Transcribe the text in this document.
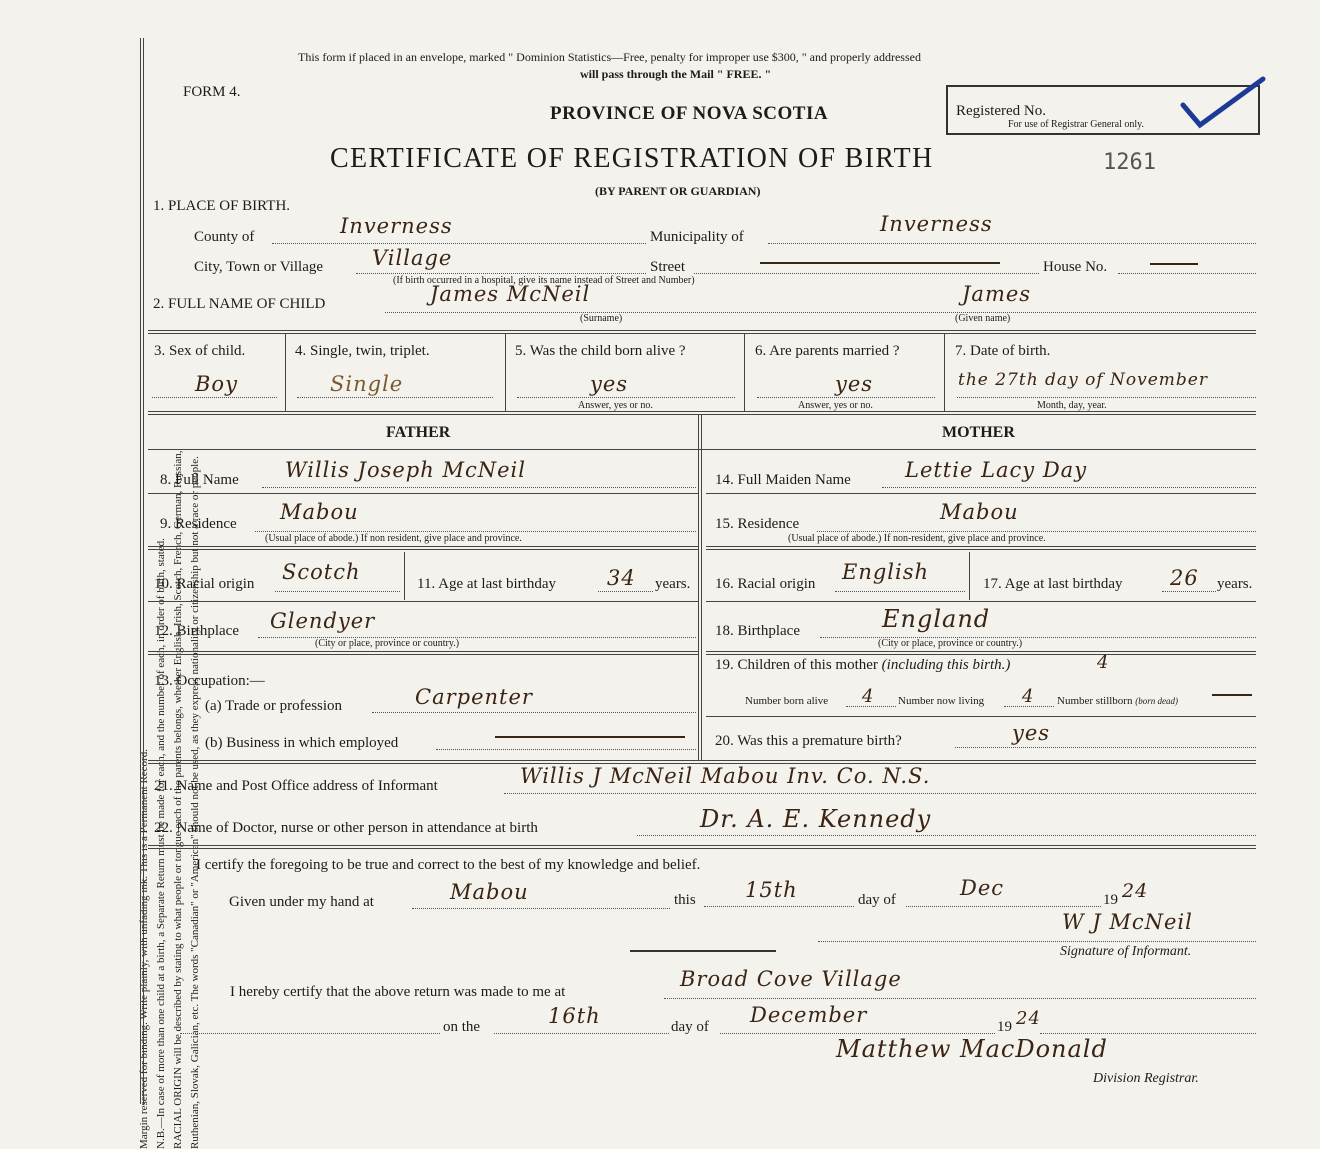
Margin reserved for binding. Write plainly, with unfading ink. This is a Permanent Record. N.B.—In case of more than one child at a birth, a Separate Return must be made for each, and the number of each, in order of birth, stated. RACIAL ORIGIN will be described by stating to what people or tongue each of the parents belongs, whether English, Irish, Scotch, French, German, Russian, Ruthenian, Slovak, Galician, etc. The words "Canadian" or "American" should not be used, as they express nationality or citizenship but not a race or people.
This form if placed in an envelope, marked " Dominion Statistics—Free, penalty for improper use $300, " and properly addressed
will pass through the Mail " FREE. "
FORM 4.
PROVINCE OF NOVA SCOTIA
CERTIFICATE OF REGISTRATION OF BIRTH	1261
(BY PARENT OR GUARDIAN)
Registered No.
For use of Registrar General only.
1. PLACE OF BIRTH.
County of	Inverness	Municipality of
Inverness
City, Town or Village Village	Street	House No.
(If birth occurred in a hospital, give its name instead of Street and Number)
2. FULL NAME OF CHILD	James McNeil
(Surname)
James
(Given name)
3. Sex of child.
Boy
4. Single, twin, triplet.
Single
5. Was the child born alive ?
yes
Answer, yes or no.
6. Are parents married ?
yes
Answer, yes or no.
7. Date of birth.
the 27th day of November
Month, day, year.
FATHER	MOTHER
8. Full Name Willis Joseph McNeil	14. Full Maiden Name	Lettie Lacy Day
9. Residence Mabou
(Usual place of abode.) If non resident, give place and province.
15. Residence	Mabou
(Usual place of abode.) If non-resident, give place and province.
10. Racial origin Scotch	11. Age at last birthday 34 years. 16. Racial origin English	17. Age at last birthday 26 years.
12. Birthplace Glendyer
(City or place, province or country.)
18. Birthplace	England
(City or place, province or country.)
13. Occupation:—
(a) Trade or profession	Carpenter
(b) Business in which employed
19. Children of this mother (including this birth.)	4
Number born alive 4 Number now living 4 Number stillborn (born dead)
20. Was this a premature birth?	yes
21. Name and Post Office address of Informant	Willis J McNeil Mabou Inv. Co. N.S.
22. Name of Doctor, nurse or other person in attendance at birth	Dr. A. E. Kennedy
I certify the foregoing to be true and correct to the best of my knowledge and belief.
Given under my hand at	Mabou	this 15th	day of	Dec	19 24
W J McNeil
Signature of Informant.
I hereby certify that the above return was made to me at
Broad Cove Village
on the	16th	day of December	19 24
Matthew MacDonald
Division Registrar.
